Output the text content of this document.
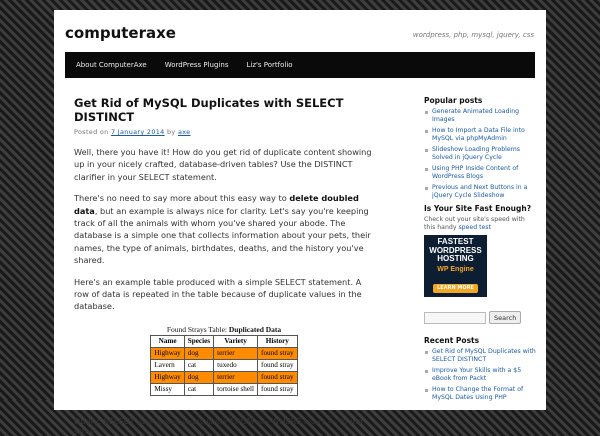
computeraxe	wordpress, php, mysql, jquery, css
About ComputerAxe	WordPress Plugins	Liz's Portfolio
Get Rid of MySQL Duplicates with SELECT DISTINCT
Posted on 7 January 2014 by axe
Well, there you have it! How do you get rid of duplicate content showing up in your nicely crafted, database-driven tables? Use the DISTINCT clarifier in your SELECT statement.
There's no need to say more about this easy way to delete doubled data, but an example is always nice for clarity. Let's say you're keeping track of all the animals with whom you've shared your abode. The database is a simple one that collects information about your pets, their names, the type of animals, birthdates, deaths, and the history you've shared.
Here's an example table produced with a simple SELECT statement. A row of data is repeated in the table because of duplicate values in the database.
Found Strays Table: Duplicated Data
Name	Species	Variety	History
Highway	dog	terrier	found stray
Lavern	cat	tuxedo	found stray
Highway	dog	terrier	found stray
Missy	cat	tortoise shell	found stray
Query: SELECT name, species, variety, history FROM pets WHERE history = 'found stray'
Popular posts
Generate Animated Loading Images
How to Import a Data File into MySQL via phpMyAdmin
Slideshow Loading Problems Solved in jQuery Cycle
Using PHP Inside Content of WordPress Blogs
Previous and Next Buttons in a jQuery Cycle Slideshow
Is Your Site Fast Enough?
Check out your site's speed with this handy speed test
FASTEST
WORDPRESS
HOSTING
WP Engine
LEARN MORE
Search
Recent Posts
Get Rid of MySQL Duplicates with SELECT DISTINCT
Improve Your Skills with a $5 eBook from Packt
How to Change the Format of MySQL Dates Using PHP
